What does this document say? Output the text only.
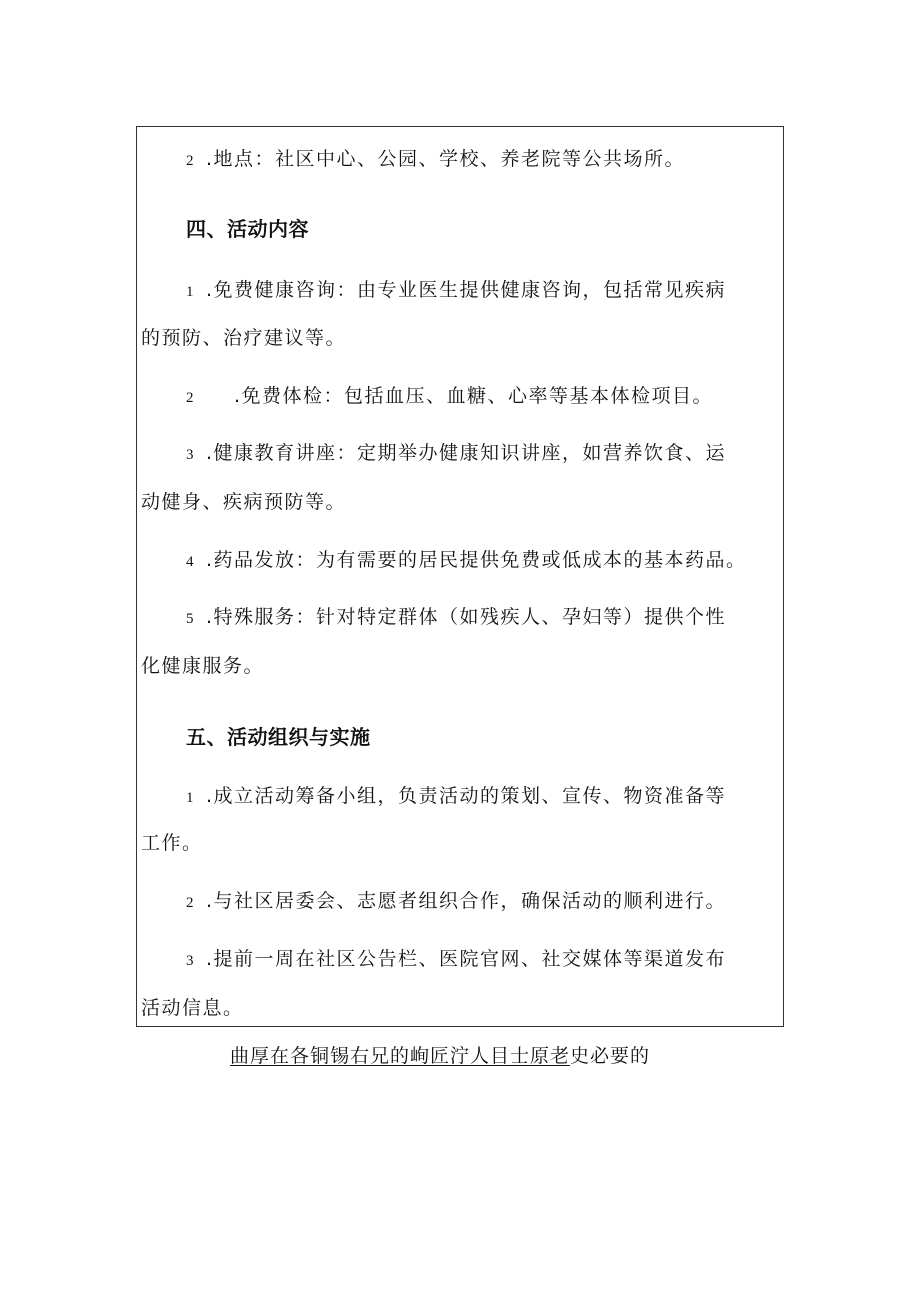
2 .地点：社区中心、公园、学校、养老院等公共场所。
四、活动内容
1 .免费健康咨询：由专业医生提供健康咨询，包括常见疾病
的预防、治疗建议等。
2 .免费体检：包括血压、血糖、心率等基本体检项目。
3 .健康教育讲座：定期举办健康知识讲座，如营养饮食、运
动健身、疾病预防等。
4 .药品发放：为有需要的居民提供免费或低成本的基本药品。
5 .特殊服务：针对特定群体（如残疾人、孕妇等）提供个性
化健康服务。
五、活动组织与实施
1 .成立活动筹备小组，负责活动的策划、宣传、物资准备等
工作。
2 .与社区居委会、志愿者组织合作，确保活动的顺利进行。
3 .提前一周在社区公告栏、医院官网、社交媒体等渠道发布
活动信息。
曲厚在各铜锡右兄的峋匠泞人目士原老史必要的
